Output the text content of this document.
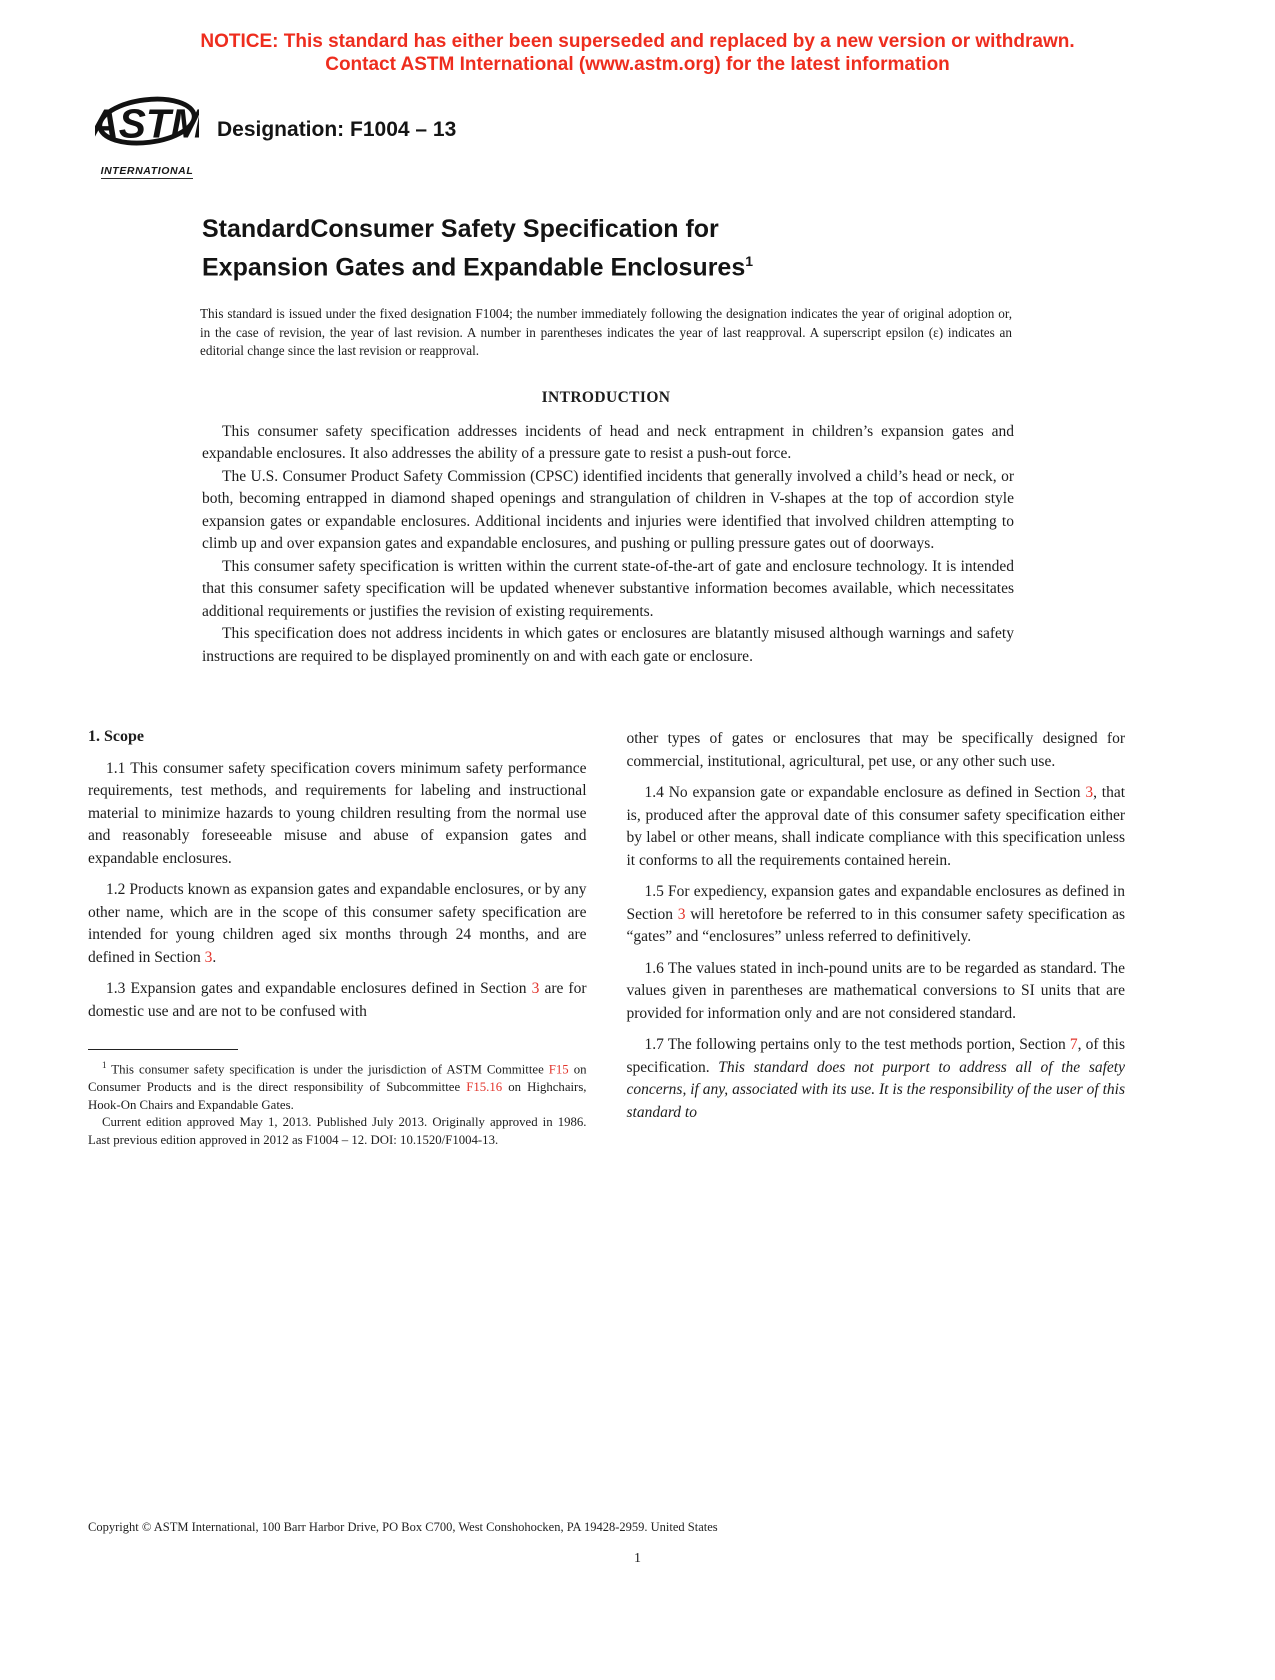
NOTICE: This standard has either been superseded and replaced by a new version or withdrawn.
Contact ASTM International (www.astm.org) for the latest information
ASTM
INTERNATIONAL
Designation: F1004 – 13
StandardConsumer Safety Specification for
Expansion Gates and Expandable Enclosures$^1$

This standard is issued under the fixed designation F1004; the number immediately following the designation indicates the year of original adoption or, in the case of revision, the year of last revision. A number in parentheses indicates the year of last reapproval. A superscript epsilon (ε) indicates an editorial change since the last revision or reapproval.

INTRODUCTION

This consumer safety specification addresses incidents of head and neck entrapment in children’s expansion gates and expandable enclosures. It also addresses the ability of a pressure gate to resist a push-out force.

The U.S. Consumer Product Safety Commission (CPSC) identified incidents that generally involved a child’s head or neck, or both, becoming entrapped in diamond shaped openings and strangulation of children in V-shapes at the top of accordion style expansion gates or expandable enclosures. Additional incidents and injuries were identified that involved children attempting to climb up and over expansion gates and expandable enclosures, and pushing or pulling pressure gates out of doorways.

This consumer safety specification is written within the current state-of-the-art of gate and enclosure technology. It is intended that this consumer safety specification will be updated whenever substantive information becomes available, which necessitates additional requirements or justifies the revision of existing requirements.

This specification does not address incidents in which gates or enclosures are blatantly misused although warnings and safety instructions are required to be displayed prominently on and with each gate or enclosure.

1. Scope

1.1 This consumer safety specification covers minimum safety performance requirements, test methods, and requirements for labeling and instructional material to minimize hazards to young children resulting from the normal use and reasonably foreseeable misuse and abuse of expansion gates and expandable enclosures.

1.2 Products known as expansion gates and expandable enclosures, or by any other name, which are in the scope of this consumer safety specification are intended for young children aged six months through 24 months, and are defined in Section 3.

1.3 Expansion gates and expandable enclosures defined in Section 3 are for domestic use and are not to be confused with

$^1$ This consumer safety specification is under the jurisdiction of ASTM Committee F15 on Consumer Products and is the direct responsibility of Subcommittee F15.16 on Highchairs, Hook-On Chairs and Expandable Gates.

Current edition approved May 1, 2013. Published July 2013. Originally approved in 1986. Last previous edition approved in 2012 as F1004 – 12. DOI: 10.1520/F1004-13.

other types of gates or enclosures that may be specifically designed for commercial, institutional, agricultural, pet use, or any other such use.

1.4 No expansion gate or expandable enclosure as defined in Section 3, that is, produced after the approval date of this consumer safety specification either by label or other means, shall indicate compliance with this specification unless it conforms to all the requirements contained herein.

1.5 For expediency, expansion gates and expandable enclosures as defined in Section 3 will heretofore be referred to in this consumer safety specification as “gates” and “enclosures” unless referred to definitively.

1.6 The values stated in inch-pound units are to be regarded as standard. The values given in parentheses are mathematical conversions to SI units that are provided for information only and are not considered standard.

1.7 The following pertains only to the test methods portion, Section 7, of this specification. This standard does not purport to address all of the safety concerns, if any, associated with its use. It is the responsibility of the user of this standard to

Copyright © ASTM International, 100 Barr Harbor Drive, PO Box C700, West Conshohocken, PA 19428-2959. United States
1
